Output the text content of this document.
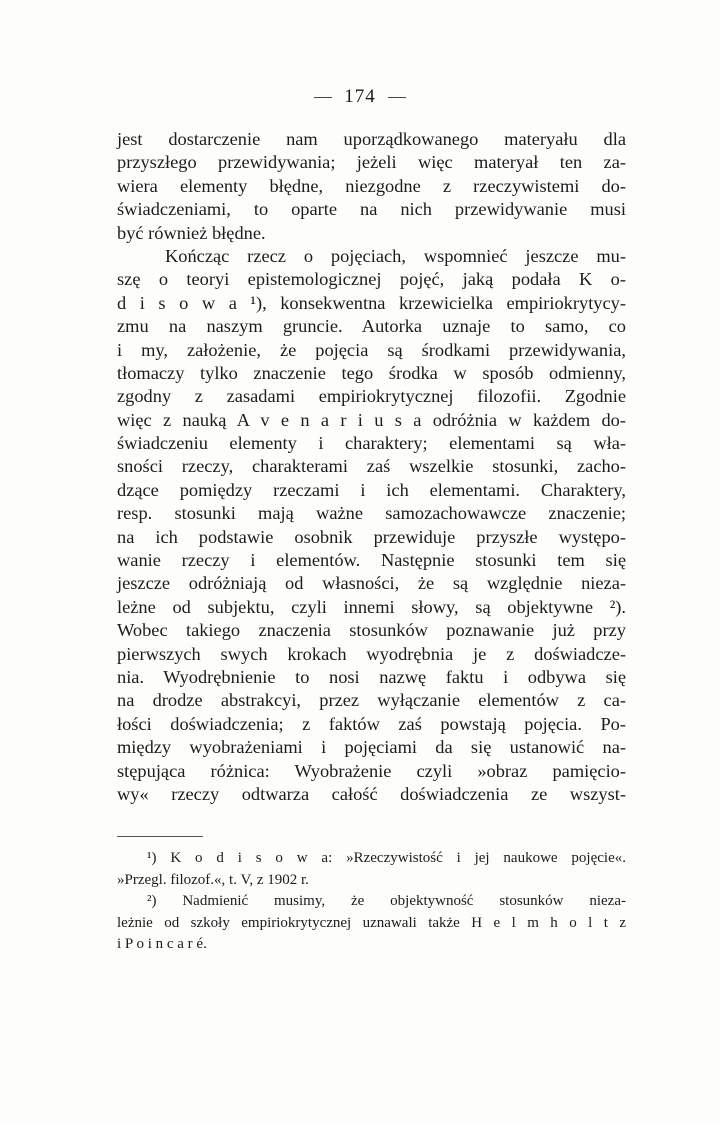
174
jest dostarczenie nam uporządkowanego materyału dla
przyszłego przewidywania; jeżeli więc materyał ten za-
wiera elementy błędne, niezgodne z rzeczywistemi do-
świadczeniami, to oparte na nich przewidywanie musi
być również błędne.
Kończąc rzecz o pojęciach, wspomnieć jeszcze mu-
szę o teoryi epistemologicznej pojęć, jaką podała K o-
d i s o w a ¹), konsekwentna krzewicielka empiriokrytycy-
zmu na naszym gruncie. Autorka uznaje to samo, co
i my, założenie, że pojęcia są środkami przewidywania,
tłomaczy tylko znaczenie tego środka w sposób odmienny,
zgodny z zasadami empiriokrytycznej filozofii. Zgodnie
więc z nauką A v e n a r i u s a odróżnia w każdem do-
świadczeniu elementy i charaktery; elementami są wła-
sności rzeczy, charakterami zaś wszelkie stosunki, zacho-
dzące pomiędzy rzeczami i ich elementami. Charaktery,
resp. stosunki mają ważne samozachowawcze znaczenie;
na ich podstawie osobnik przewiduje przyszłe występo-
wanie rzeczy i elementów. Następnie stosunki tem się
jeszcze odróżniają od własności, że są względnie nieza-
leżne od subjektu, czyli innemi słowy, są objektywne ²).
Wobec takiego znaczenia stosunków poznawanie już przy
pierwszych swych krokach wyodrębnia je z doświadcze-
nia. Wyodrębnienie to nosi nazwę faktu i odbywa się
na drodze abstrakcyi, przez wyłączanie elementów z ca-
łości doświadczenia; z faktów zaś powstają pojęcia. Po-
między wyobrażeniami i pojęciami da się ustanowić na-
stępująca różnica: Wyobrażenie czyli »obraz pamięcio-
wy« rzeczy odtwarza całość doświadczenia ze wszyst-
¹) K o d i s o w a: »Rzeczywistość i jej naukowe pojęcie«.
»Przegl. filozof.«, t. V, z 1902 r.
²) Nadmienić musimy, że objektywność stosunków nieza-
leżnie od szkoły empiriokrytycznej uznawali także H e l m h o l t z
i P o i n c a r é.
